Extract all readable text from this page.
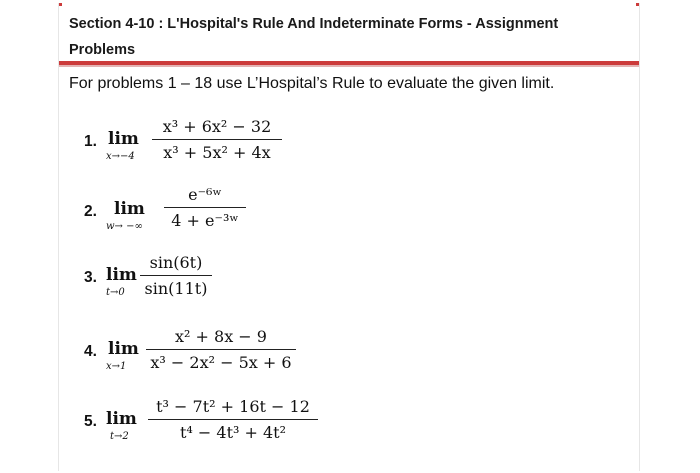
Section 4-10 : L'Hospital's Rule And Indeterminate Forms - Assignment
Problems
For problems 1 – 18 use L’Hospital’s Rule to evaluate the given limit.
1. lim
x→−4
x³ + 6x² − 32
x³ + 5x² + 4x
2. lim
w→ −∞
e⁻⁶ʷ
4 + e⁻³ʷ
3. lim
t→0
sin(6t)
sin(11t)
4. lim
x→1
x² + 8x − 9
x³ − 2x² − 5x + 6
5. lim
t→2
t³ − 7t² + 16t − 12
t⁴ − 4t³ + 4t²
